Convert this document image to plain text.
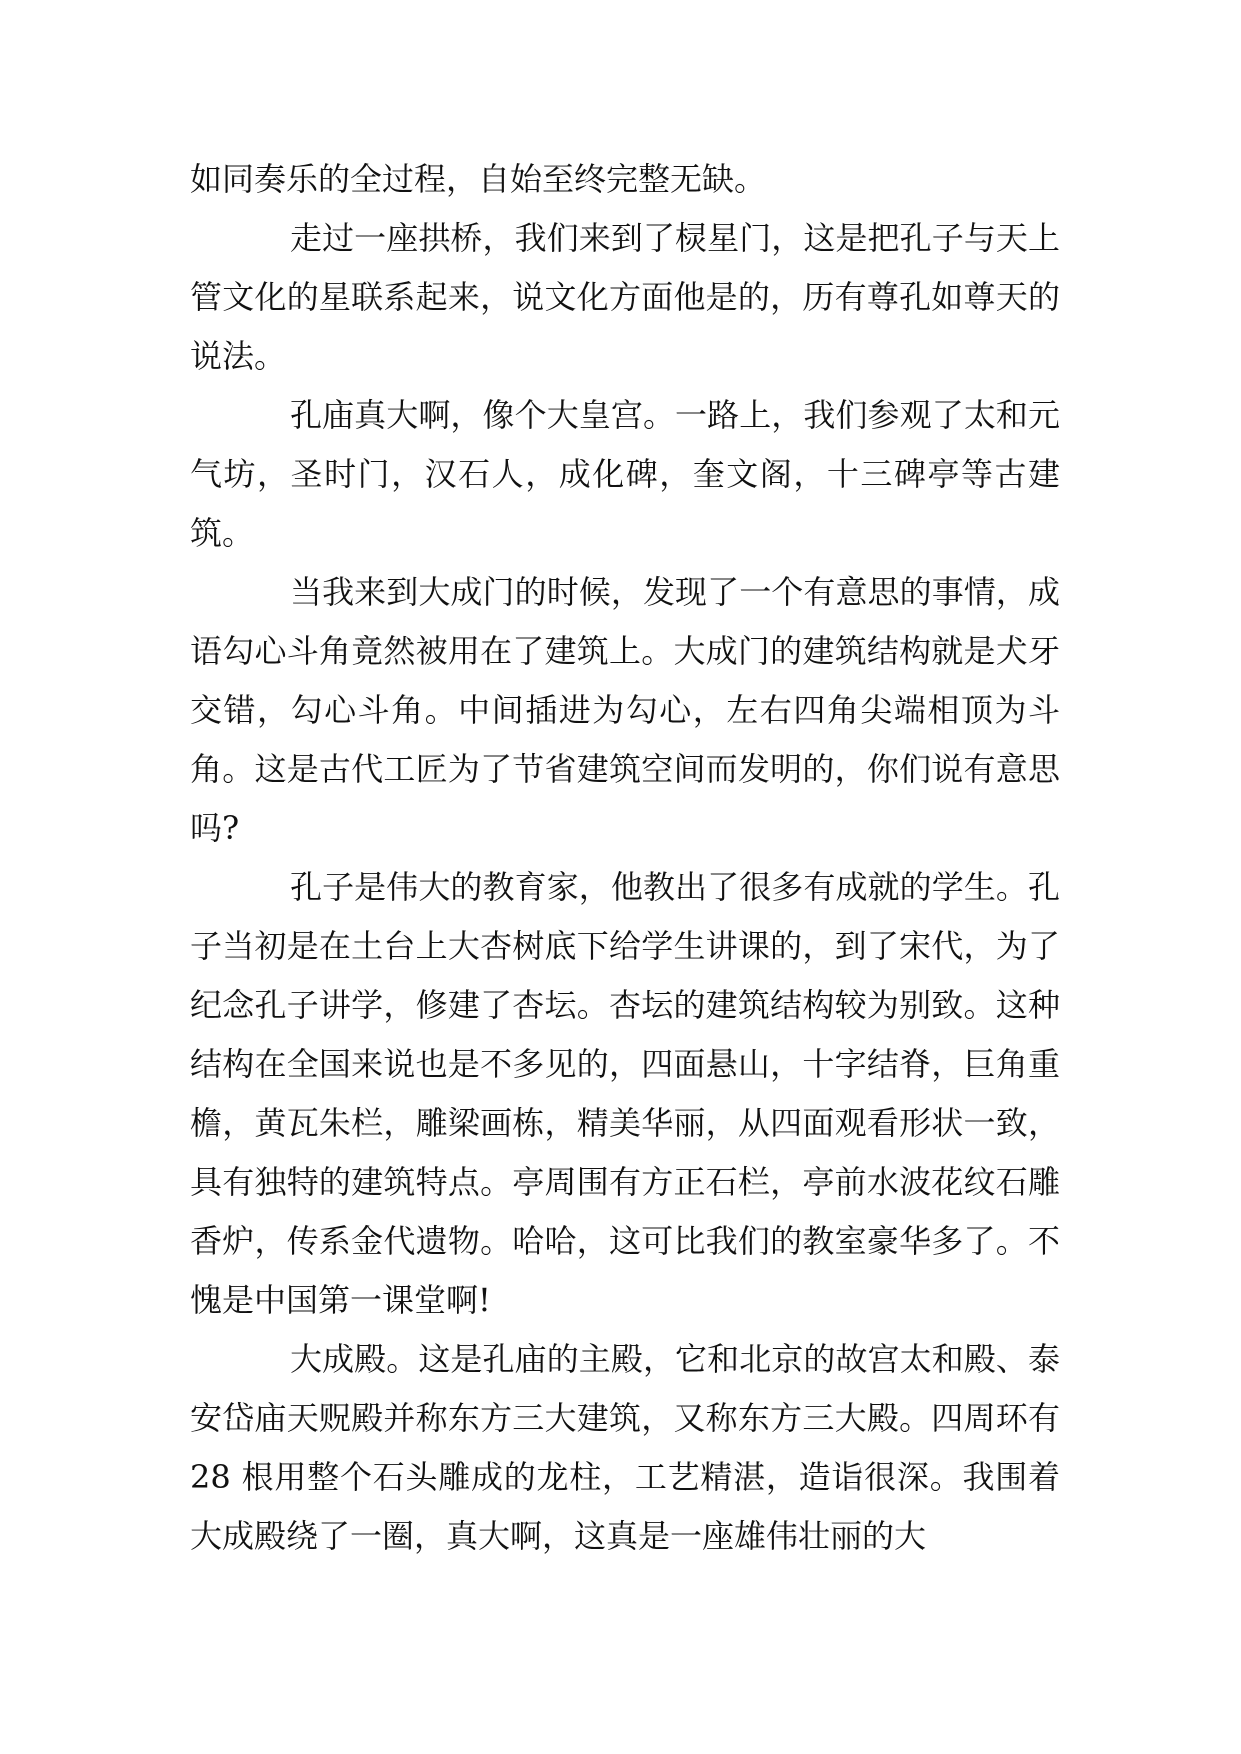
如同奏乐的全过程，自始至终完整无缺。

走过一座拱桥，我们来到了棂星门，这是把孔子与天上管文化的星联系起来，说文化方面他是的，历有尊孔如尊天的说法。

孔庙真大啊，像个大皇宫。一路上，我们参观了太和元气坊，圣时门，汉石人，成化碑，奎文阁，十三碑亭等古建筑。

当我来到大成门的时候，发现了一个有意思的事情，成语勾心斗角竟然被用在了建筑上。大成门的建筑结构就是犬牙交错，勾心斗角。中间插进为勾心，左右四角尖端相顶为斗角。这是古代工匠为了节省建筑空间而发明的，你们说有意思吗?

孔子是伟大的教育家，他教出了很多有成就的学生。孔子当初是在土台上大杏树底下给学生讲课的，到了宋代，为了纪念孔子讲学，修建了杏坛。杏坛的建筑结构较为别致。这种结构在全国来说也是不多见的，四面悬山，十字结脊，巨角重檐，黄瓦朱栏，雕梁画栋，精美华丽，从四面观看形状一致，具有独特的建筑特点。亭周围有方正石栏，亭前水波花纹石雕香炉，传系金代遗物。哈哈，这可比我们的教室豪华多了。不愧是中国第一课堂啊!

大成殿。这是孔庙的主殿，它和北京的故宫太和殿、泰安岱庙天贶殿并称东方三大建筑，又称东方三大殿。四周环有 28 根用整个石头雕成的龙柱，工艺精湛，造诣很深。我围着大成殿绕了一圈，真大啊，这真是一座雄伟壮丽的大
